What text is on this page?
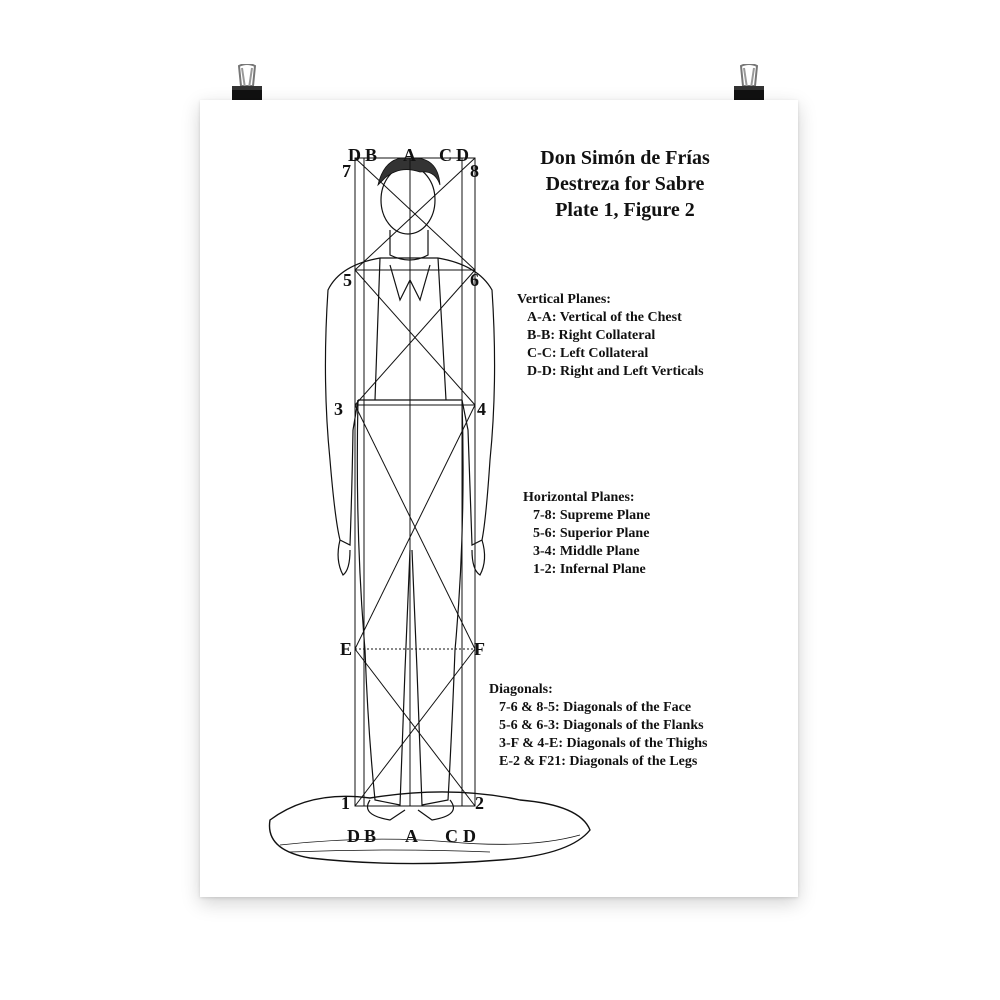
Don Simón de Frías
Destreza for Sabre
Plate 1, Figure 2
D B A C D
7	8
5	6
3	4
E	F
1	2
D B A C D
Vertical Planes:
A-A: Vertical of the Chest
B-B: Right Collateral
C-C: Left Collateral
D-D: Right and Left Verticals
Horizontal Planes:
7-8: Supreme Plane
5-6: Superior Plane
3-4: Middle Plane
1-2: Infernal Plane
Diagonals:
7-6 & 8-5: Diagonals of the Face
5-6 & 6-3: Diagonals of the Flanks
3-F & 4-E: Diagonals of the Thighs
E-2 & F21: Diagonals of the Legs
